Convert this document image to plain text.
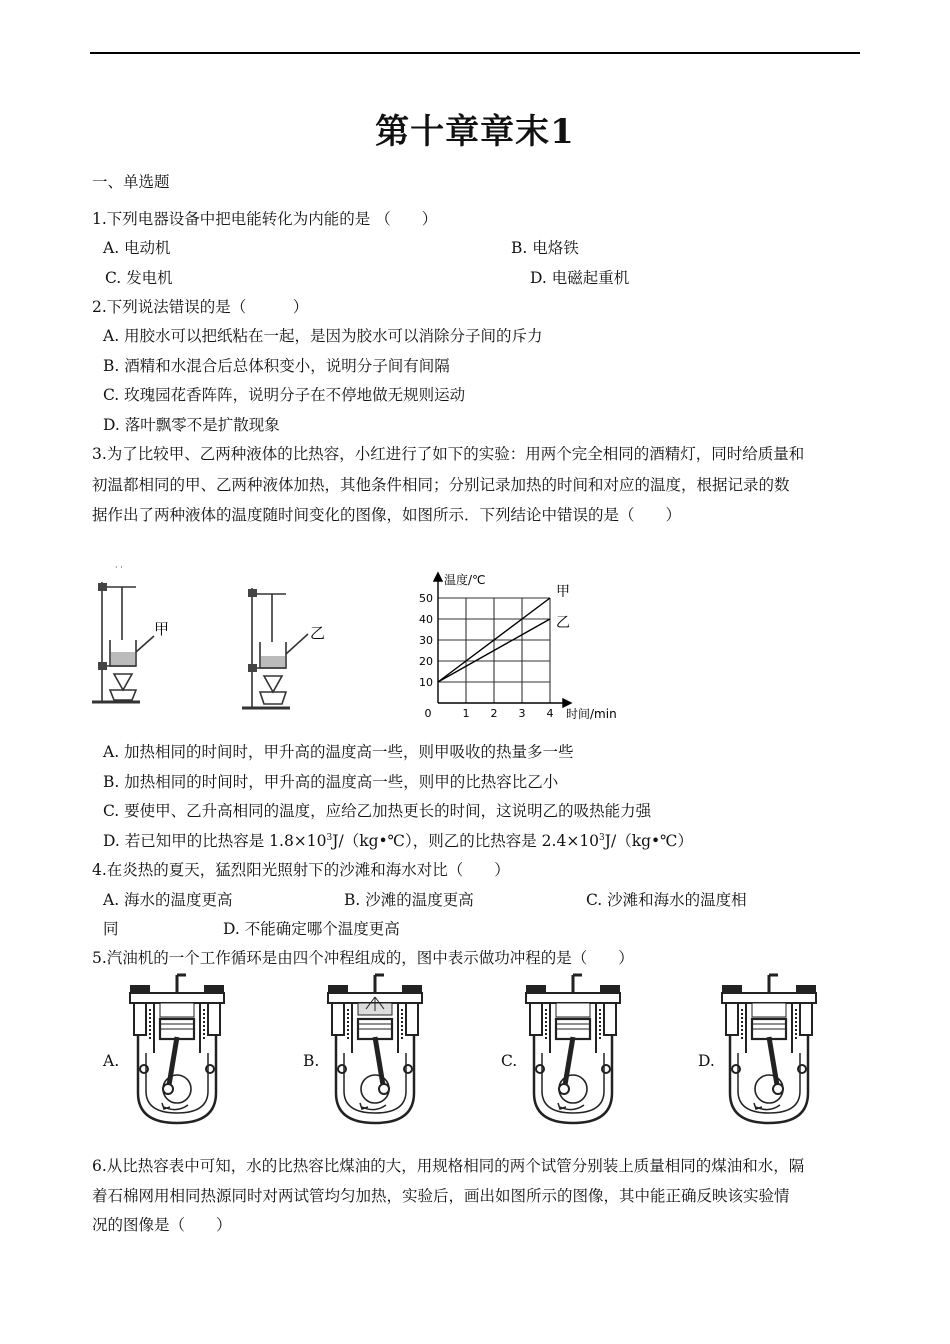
第十章章末1
一、单选题
1.下列电器设备中把电能转化为内能的是 （　　）
A. 电动机	B. 电烙铁
C. 发电机	D. 电磁起重机
2.下列说法错误的是（　　　）
A. 用胶水可以把纸粘在一起，是因为胶水可以消除分子间的斥力
B. 酒精和水混合后总体积变小，说明分子间有间隔
C. 玫瑰园花香阵阵，说明分子在不停地做无规则运动
D. 落叶飘零不是扩散现象
3.为了比较甲、乙两种液体的比热容，小红进行了如下的实验：用两个完全相同的酒精灯，同时给质量和
初温都相同的甲、乙两种液体加热，其他条件相同；分别记录加热的时间和对应的温度，根据记录的数
据作出了两种液体的温度随时间变化的图像，如图所示．下列结论中错误的是（　　）
· ·
甲	乙
10
20
30
40
50
0	1 2 3 4
温度/℃
时间/min
甲
乙
A. 加热相同的时间时，甲升高的温度高一些，则甲吸收的热量多一些
B. 加热相同的时间时，甲升高的温度高一些，则甲的比热容比乙小
C. 要使甲、乙升高相同的温度，应给乙加热更长的时间，这说明乙的吸热能力强
D. 若已知甲的比热容是 $1.8\times 10^3J/(kg•℃)$，则乙的比热容是 $2.4\times 10^3J/(kg•℃)$
4.在炎热的夏天，猛烈阳光照射下的沙滩和海水对比（　　）
A. 海水的温度更高	B. 沙滩的温度更高	C. 沙滩和海水的温度相
同	D. 不能确定哪个温度更高
5.汽油机的一个工作循环是由四个冲程组成的，图中表示做功冲程的是（　　）
A.	B.	C.	D.
6.从比热容表中可知，水的比热容比煤油的大，用规格相同的两个试管分别装上质量相同的煤油和水，隔
着石棉网用相同热源同时对两试管均匀加热，实验后，画出如图所示的图像，其中能正确反映该实验情
况的图像是（　　）
